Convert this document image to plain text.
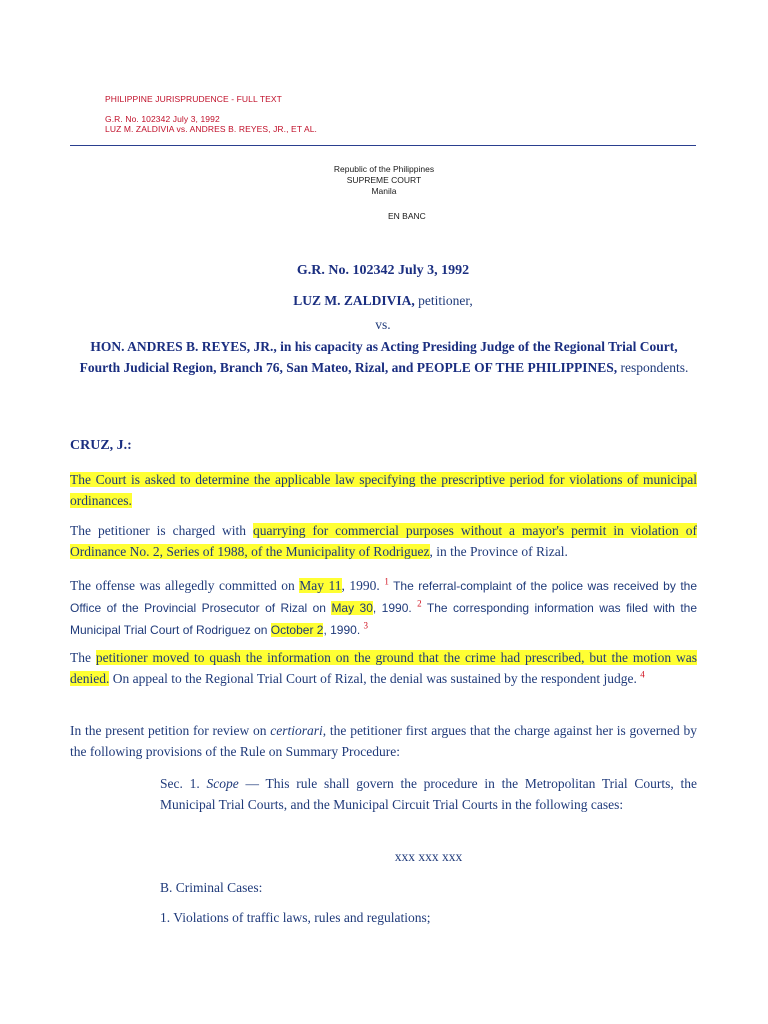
PHILIPPINE JURISPRUDENCE - FULL TEXT
G.R. No. 102342 July 3, 1992
LUZ M. ZALDIVIA vs. ANDRES B. REYES, JR., ET AL.
Republic of the Philippines
SUPREME COURT
Manila
EN BANC
G.R. No. 102342 July 3, 1992
LUZ M. ZALDIVIA, petitioner,
vs.
HON. ANDRES B. REYES, JR., in his capacity as Acting Presiding Judge of the Regional Trial Court, Fourth Judicial Region, Branch 76, San Mateo, Rizal, and PEOPLE OF THE PHILIPPINES, respondents.
CRUZ, J.:
The Court is asked to determine the applicable law specifying the prescriptive period for violations of municipal ordinances.
The petitioner is charged with quarrying for commercial purposes without a mayor's permit in violation of Ordinance No. 2, Series of 1988, of the Municipality of Rodriguez, in the Province of Rizal.
The offense was allegedly committed on May 11, 1990. $^1$ The referral-complaint of the police was received by the Office of the Provincial Prosecutor of Rizal on May 30, 1990. $^2$ The corresponding information was filed with the Municipal Trial Court of Rodriguez on October 2, 1990. $^3$
The petitioner moved to quash the information on the ground that the crime had prescribed, but the motion was denied. On appeal to the Regional Trial Court of Rizal, the denial was sustained by the respondent judge. $^4$
In the present petition for review on certiorari, the petitioner first argues that the charge against her is governed by the following provisions of the Rule on Summary Procedure:
Sec. 1. Scope — This rule shall govern the procedure in the Metropolitan Trial Courts, the Municipal Trial Courts, and the Municipal Circuit Trial Courts in the following cases:
xxx xxx xxx
B. Criminal Cases:
1. Violations of traffic laws, rules and regulations;
